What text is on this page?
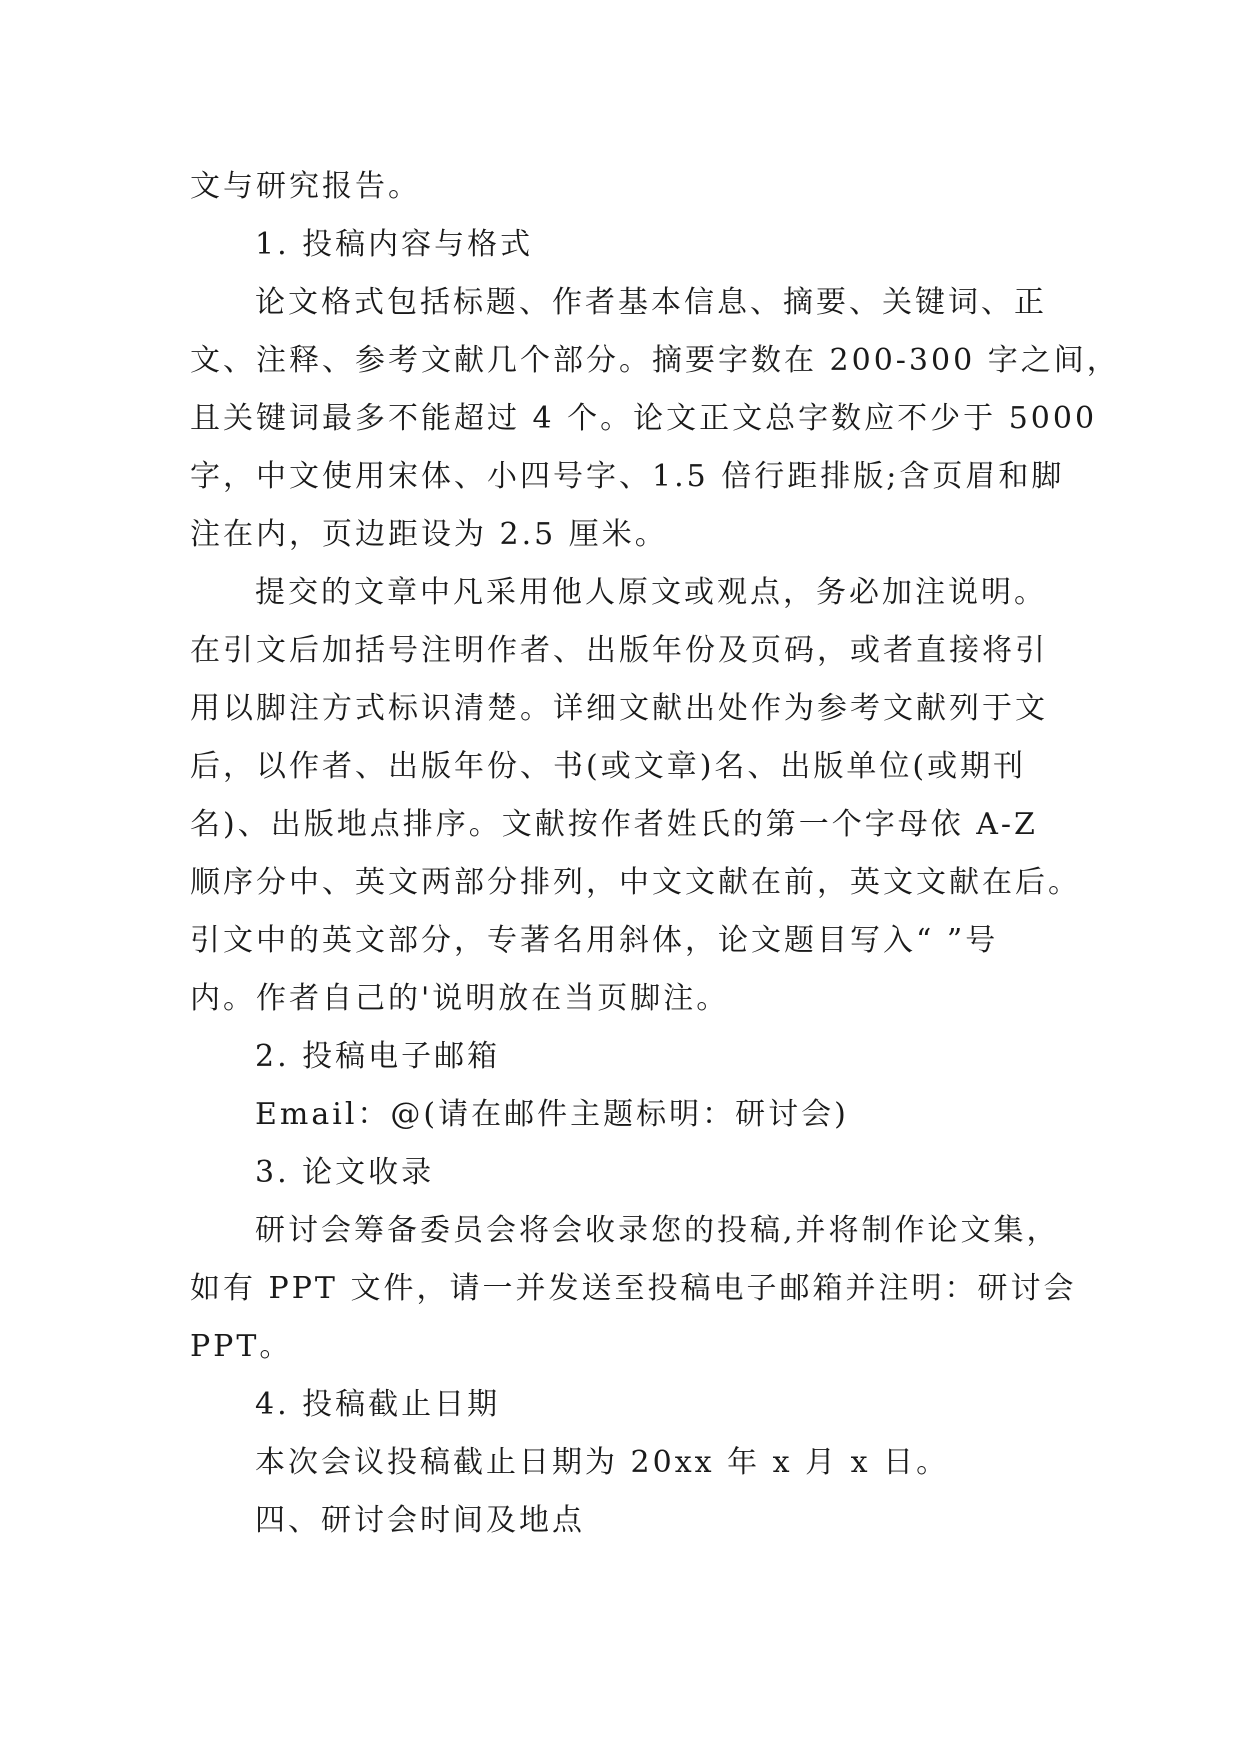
文与研究报告。
1. 投稿内容与格式
论文格式包括标题、作者基本信息、摘要、关键词、正
文、注释、参考文献几个部分。摘要字数在 200-300 字之间，
且关键词最多不能超过 4 个。论文正文总字数应不少于 5000
字，中文使用宋体、小四号字、1.5 倍行距排版;含页眉和脚
注在内，页边距设为 2.5 厘米。
提交的文章中凡采用他人原文或观点，务必加注说明。
在引文后加括号注明作者、出版年份及页码，或者直接将引
用以脚注方式标识清楚。详细文献出处作为参考文献列于文
后，以作者、出版年份、书(或文章)名、出版单位(或期刊
名)、出版地点排序。文献按作者姓氏的第一个字母依 A-Z
顺序分中、英文两部分排列，中文文献在前，英文文献在后。
引文中的英文部分，专著名用斜体，论文题目写入“ ”号
内。作者自己的'说明放在当页脚注。
2. 投稿电子邮箱
Email：@(请在邮件主题标明：研讨会)
3. 论文收录
研讨会筹备委员会将会收录您的投稿,并将制作论文集，
如有 PPT 文件，请一并发送至投稿电子邮箱并注明：研讨会
PPT。
4. 投稿截止日期
本次会议投稿截止日期为 20xx 年 x 月 x 日。
四、研讨会时间及地点
